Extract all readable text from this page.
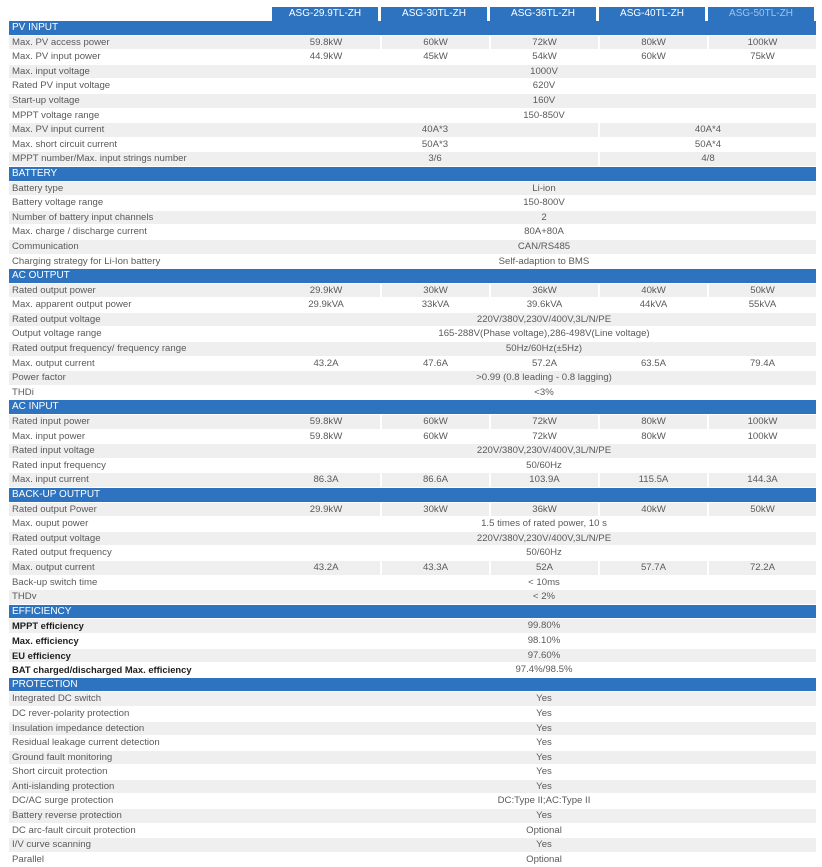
ASG-29.9TL-ZH	ASG-30TL-ZH	ASG-36TL-ZH	ASG-40TL-ZH	ASG-50TL-ZH
PV INPUT					
Max. PV access power	59.8kW	60kW	72kW	80kW	100kW
Max. PV input power	44.9kW	45kW	54kW	60kW	75kW
Max. input voltage	1000V				
Rated PV input voltage	620V				
Start-up voltage	160V				
MPPT voltage range	150-850V				
Max. PV input current	40A*3			40A*4	
Max. short circuit current	50A*3			50A*4	
MPPT number/Max. input strings number	3/6			4/8	
BATTERY					
Battery type	Li-ion				
Battery voltage range	150-800V				
Number of battery input channels	2				
Max. charge / discharge current	80A+80A				
Communication	CAN/RS485				
Charging strategy for Li-Ion battery	Self-adaption to BMS				
AC OUTPUT					
Rated output power	29.9kW	30kW	36kW	40kW	50kW
Max. apparent output power	29.9kVA	33kVA	39.6kVA	44kVA	55kVA
Rated output voltage	220V/380V,230V/400V,3L/N/PE				
Output voltage range	165-288V(Phase voltage),286-498V(Line voltage)				
Rated output frequency/ frequency range	50Hz/60Hz(±5Hz)				
Max. output current	43.2A	47.6A	57.2A	63.5A	79.4A
Power factor	>0.99 (0.8 leading - 0.8 lagging)				
THDi	<3%				
AC INPUT					
Rated input power	59.8kW	60kW	72kW	80kW	100kW
Max. input power	59.8kW	60kW	72kW	80kW	100kW
Rated input voltage	220V/380V,230V/400V,3L/N/PE				
Rated input frequency	50/60Hz				
Max. input current	86.3A	86.6A	103.9A	115.5A	144.3A
BACK-UP OUTPUT					
Rated output Power	29.9kW	30kW	36kW	40kW	50kW
Max. ouput power	1.5 times of rated power, 10 s				
Rated output voltage	220V/380V,230V/400V,3L/N/PE				
Rated output frequency	50/60Hz				
Max. output current	43.2A	43.3A	52A	57.7A	72.2A
Back-up switch time	< 10ms				
THDv	< 2%				
EFFICIENCY					
MPPT efficiency	99.80%				
Max. efficiency	98.10%				
EU efficiency	97.60%				
BAT charged/discharged Max. efficiency	97.4%/98.5%				
PROTECTION					
Integrated DC switch	Yes				
DC rever-polarity protection	Yes				
Insulation impedance detection	Yes				
Residual leakage current detection	Yes				
Ground fault monitoring	Yes				
Short circuit protection	Yes				
Anti-islanding protection	Yes				
DC/AC surge protection	DC:Type II;AC:Type II				
Battery reverse protection	Yes				
DC arc-fault circuit protection	Optional				
I/V curve scanning	Yes				
Parallel	Optional				
